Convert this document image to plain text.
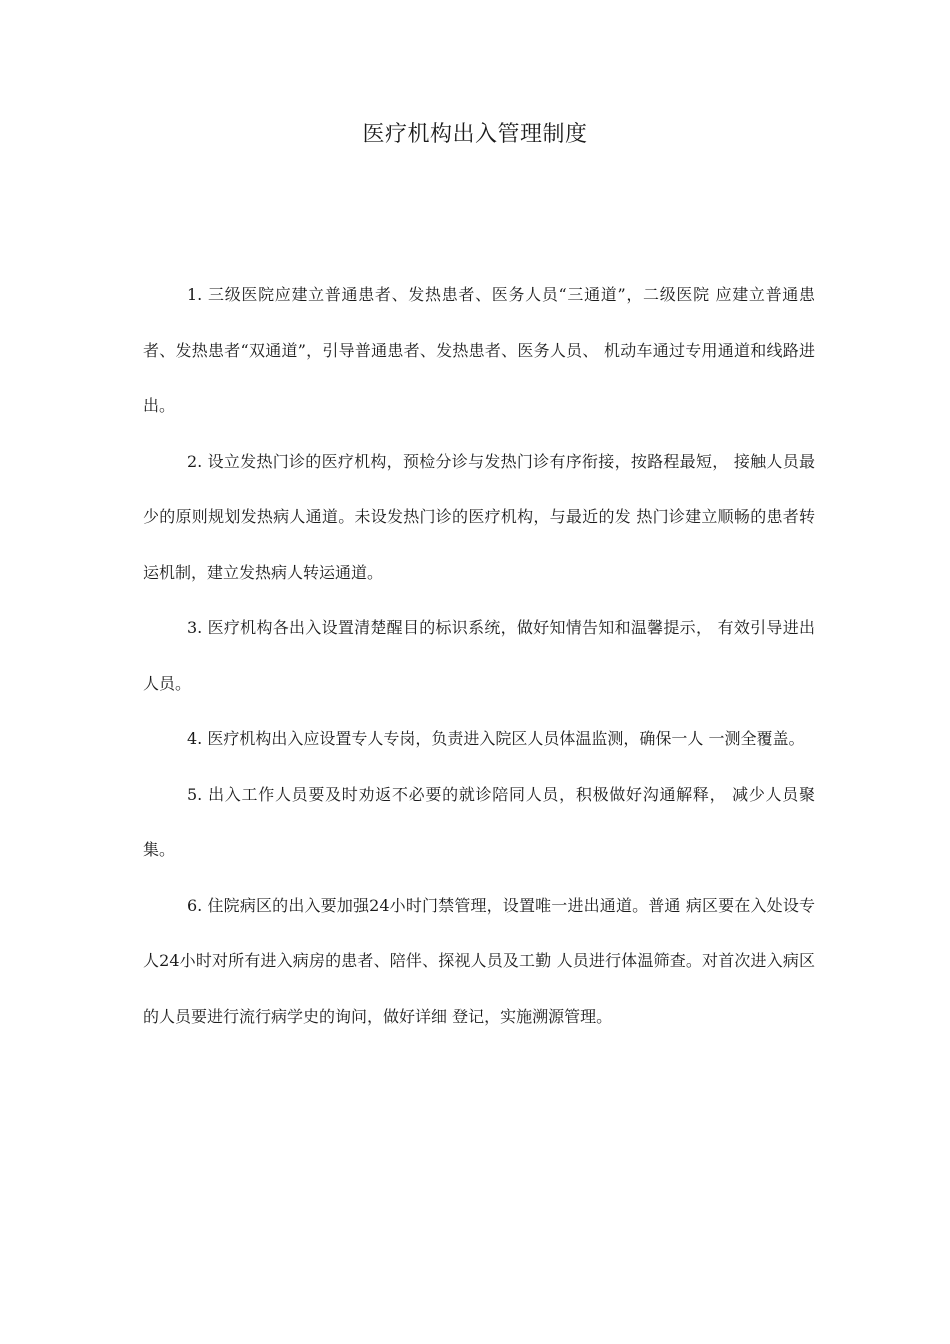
医疗机构出入管理制度

1. 三级医院应建立普通患者、发热患者、医务人员“三通道”，二级医院 应建立普通患者、发热患者“双通道”，引导普通患者、发热患者、医务人员、 机动车通过专用通道和线路进出。

2. 设立发热门诊的医疗机构，预检分诊与发热门诊有序衔接，按路程最短， 接触人员最少的原则规划发热病人通道。未设发热门诊的医疗机构，与最近的发 热门诊建立顺畅的患者转运机制，建立发热病人转运通道。

3. 医疗机构各出入设置清楚醒目的标识系统，做好知情告知和温馨提示， 有效引导进出人员。

4. 医疗机构出入应设置专人专岗，负责进入院区人员体温监测，确保一人 一测全覆盖。

5. 出入工作人员要及时劝返不必要的就诊陪同人员，积极做好沟通解释， 减少人员聚集。

6. 住院病区的出入要加强24小时门禁管理，设置唯一进出通道。普通 病区要在入处设专人24小时对所有进入病房的患者、陪伴、探视人员及工勤 人员进行体温筛查。对首次进入病区的人员要进行流行病学史的询问，做好详细 登记，实施溯源管理。
